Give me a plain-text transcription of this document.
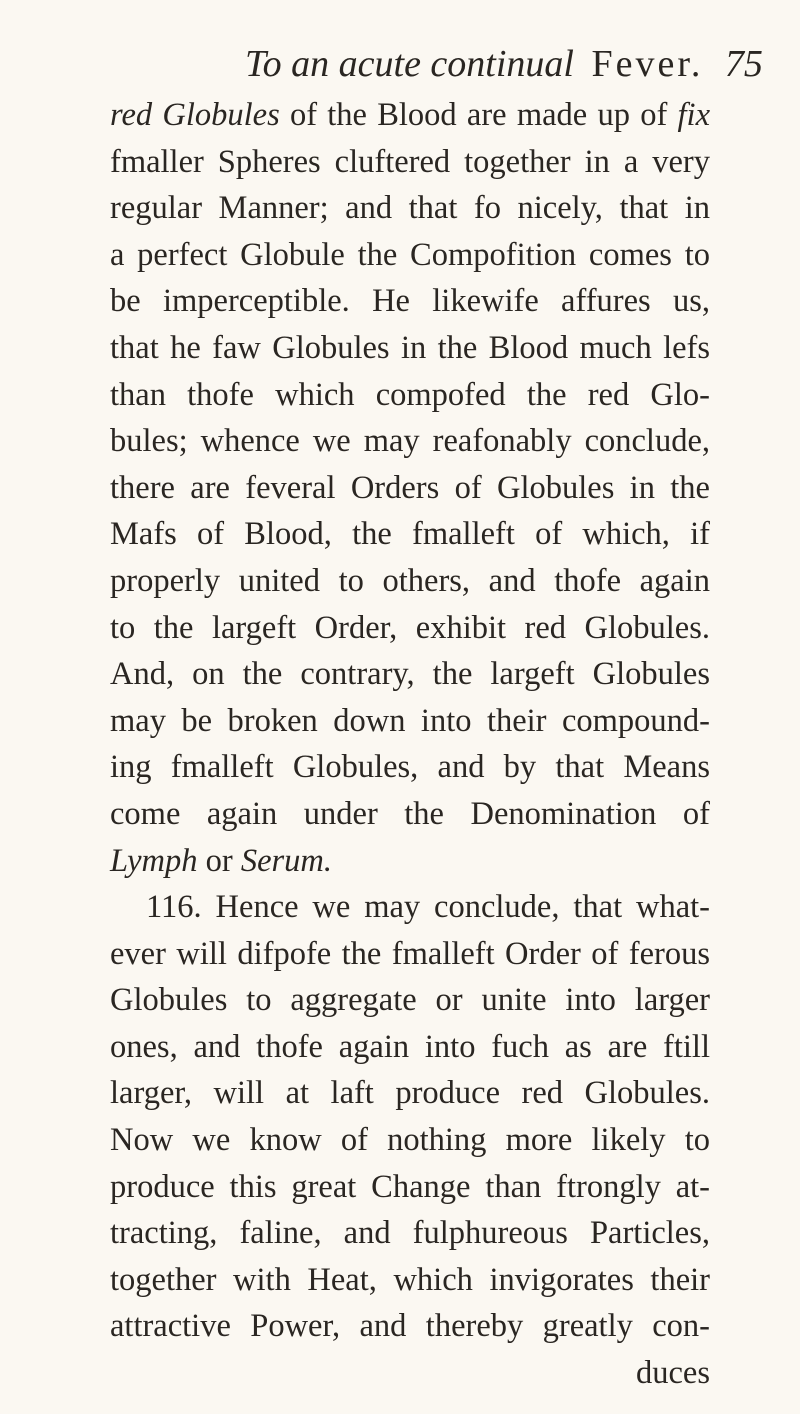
To an acute continual Fever. 75
red Globules of the Blood are made up of fix
fmaller Spheres cluftered together in a very
regular Manner; and that fo nicely, that in
a perfect Globule the Compofition comes to
be imperceptible. He likewife affures us,
that he faw Globules in the Blood much lefs
than thofe which compofed the red Glo-
bules; whence we may reafonably conclude,
there are feveral Orders of Globules in the
Mafs of Blood, the fmalleft of which, if
properly united to others, and thofe again
to the largeft Order, exhibit red Globules.
And, on the contrary, the largeft Globules
may be broken down into their compound-
ing fmalleft Globules, and by that Means
come again under the Denomination of
Lymph or Serum.
116. Hence we may conclude, that what-
ever will difpofe the fmalleft Order of ferous
Globules to aggregate or unite into larger
ones, and thofe again into fuch as are ftill
larger, will at laft produce red Globules.
Now we know of nothing more likely to
produce this great Change than ftrongly at-
tracting, faline, and fulphureous Particles,
together with Heat, which invigorates their
attractive Power, and thereby greatly con-
duces
